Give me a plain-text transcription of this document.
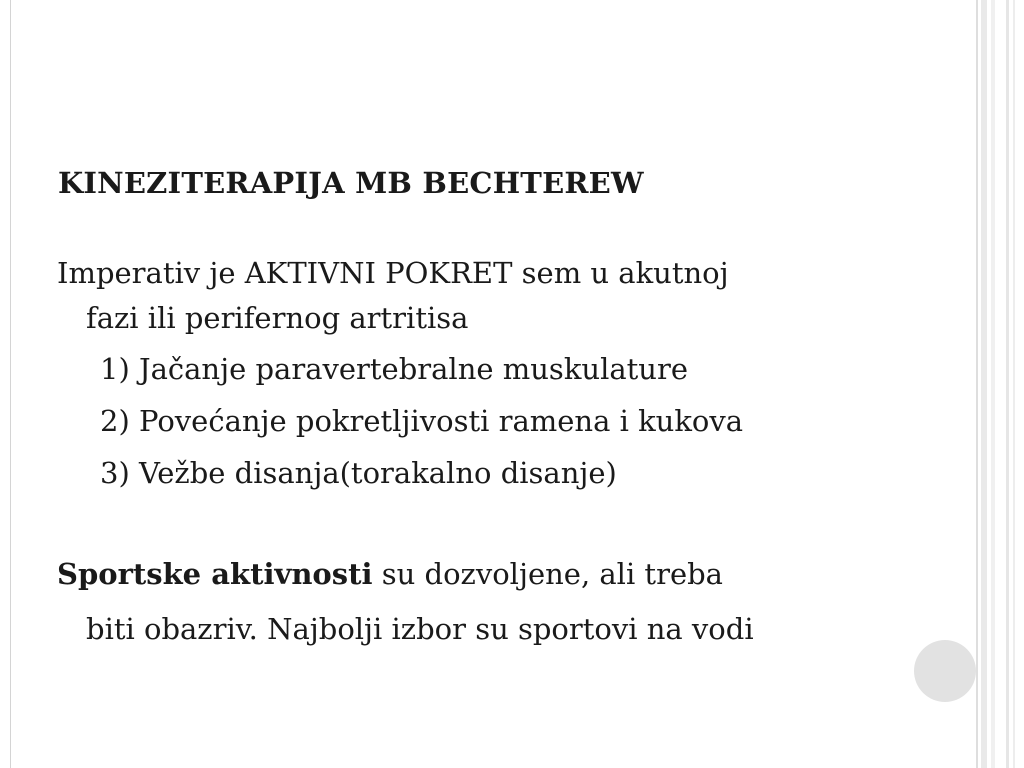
KINEZITERAPIJA MB BECHTEREW
Imperativ je AKTIVNI POKRET sem u akutnoj
fazi ili perifernog artritisa
1) Jačanje paravertebralne muskulature
2) Povećanje pokretljivosti ramena i kukova
3) Vežbe disanja(torakalno disanje)
Sportske aktivnosti su dozvoljene, ali treba
biti obazriv. Najbolji izbor su sportovi na vodi
